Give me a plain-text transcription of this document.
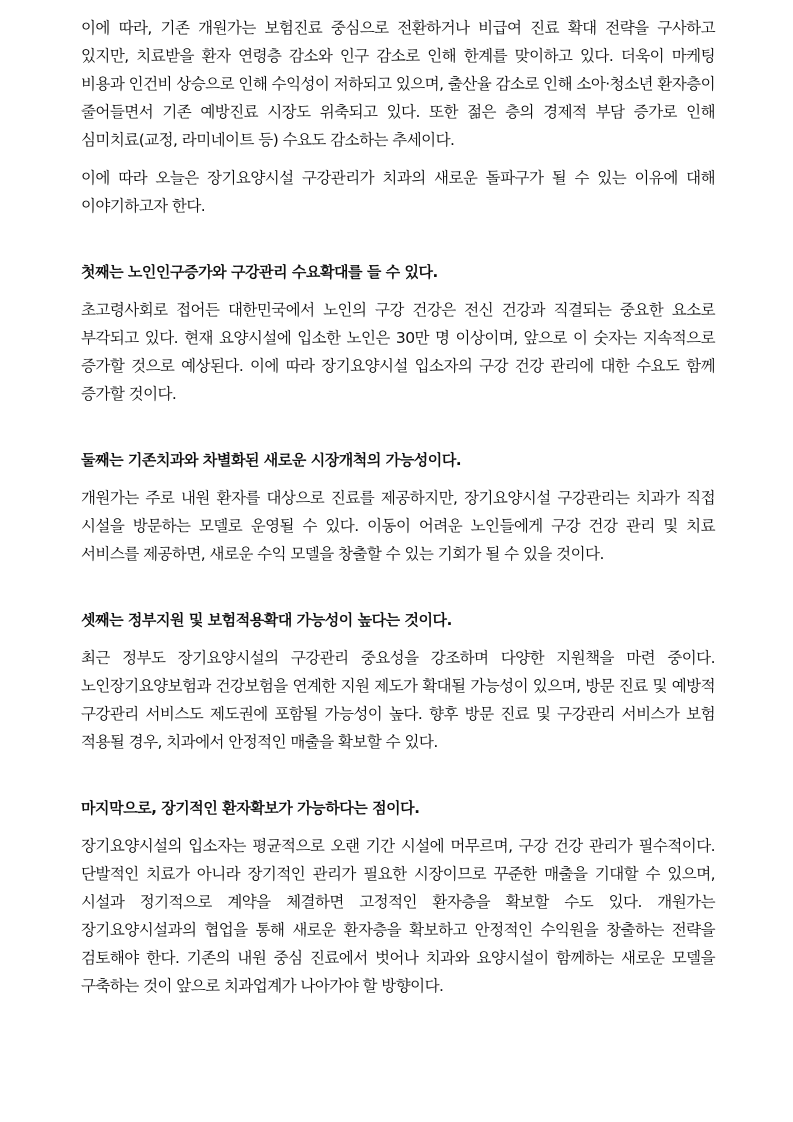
이에 따라, 기존 개원가는 보험진료 중심으로 전환하거나 비급여 진료 확대 전략을 구사하고 있지만, 치료받을 환자 연령층 감소와 인구 감소로 인해 한계를 맞이하고 있다. 더욱이 마케팅 비용과 인건비 상승으로 인해 수익성이 저하되고 있으며, 출산율 감소로 인해 소아·청소년 환자층이 줄어들면서 기존 예방진료 시장도 위축되고 있다. 또한 젊은 층의 경제적 부담 증가로 인해 심미치료(교정, 라미네이트 등) 수요도 감소하는 추세이다.

이에 따라 오늘은 장기요양시설 구강관리가 치과의 새로운 돌파구가 될 수 있는 이유에 대해 이야기하고자 한다.

첫째는 노인인구증가와 구강관리 수요확대를 들 수 있다.

초고령사회로 접어든 대한민국에서 노인의 구강 건강은 전신 건강과 직결되는 중요한 요소로 부각되고 있다. 현재 요양시설에 입소한 노인은 30만 명 이상이며, 앞으로 이 숫자는 지속적으로 증가할 것으로 예상된다. 이에 따라 장기요양시설 입소자의 구강 건강 관리에 대한 수요도 함께 증가할 것이다.

둘째는 기존치과와 차별화된 새로운 시장개척의 가능성이다.

개원가는 주로 내원 환자를 대상으로 진료를 제공하지만, 장기요양시설 구강관리는 치과가 직접 시설을 방문하는 모델로 운영될 수 있다. 이동이 어려운 노인들에게 구강 건강 관리 및 치료 서비스를 제공하면, 새로운 수익 모델을 창출할 수 있는 기회가 될 수 있을 것이다.

셋째는 정부지원 및 보험적용확대 가능성이 높다는 것이다.

최근 정부도 장기요양시설의 구강관리 중요성을 강조하며 다양한 지원책을 마련 중이다. 노인장기요양보험과 건강보험을 연계한 지원 제도가 확대될 가능성이 있으며, 방문 진료 및 예방적 구강관리 서비스도 제도권에 포함될 가능성이 높다. 향후 방문 진료 및 구강관리 서비스가 보험 적용될 경우, 치과에서 안정적인 매출을 확보할 수 있다.

마지막으로, 장기적인 환자확보가 가능하다는 점이다.

장기요양시설의 입소자는 평균적으로 오랜 기간 시설에 머무르며, 구강 건강 관리가 필수적이다. 단발적인 치료가 아니라 장기적인 관리가 필요한 시장이므로 꾸준한 매출을 기대할 수 있으며, 시설과 정기적으로 계약을 체결하면 고정적인 환자층을 확보할 수도 있다. 개원가는 장기요양시설과의 협업을 통해 새로운 환자층을 확보하고 안정적인 수익원을 창출하는 전략을 검토해야 한다. 기존의 내원 중심 진료에서 벗어나 치과와 요양시설이 함께하는 새로운 모델을 구축하는 것이 앞으로 치과업계가 나아가야 할 방향이다.
